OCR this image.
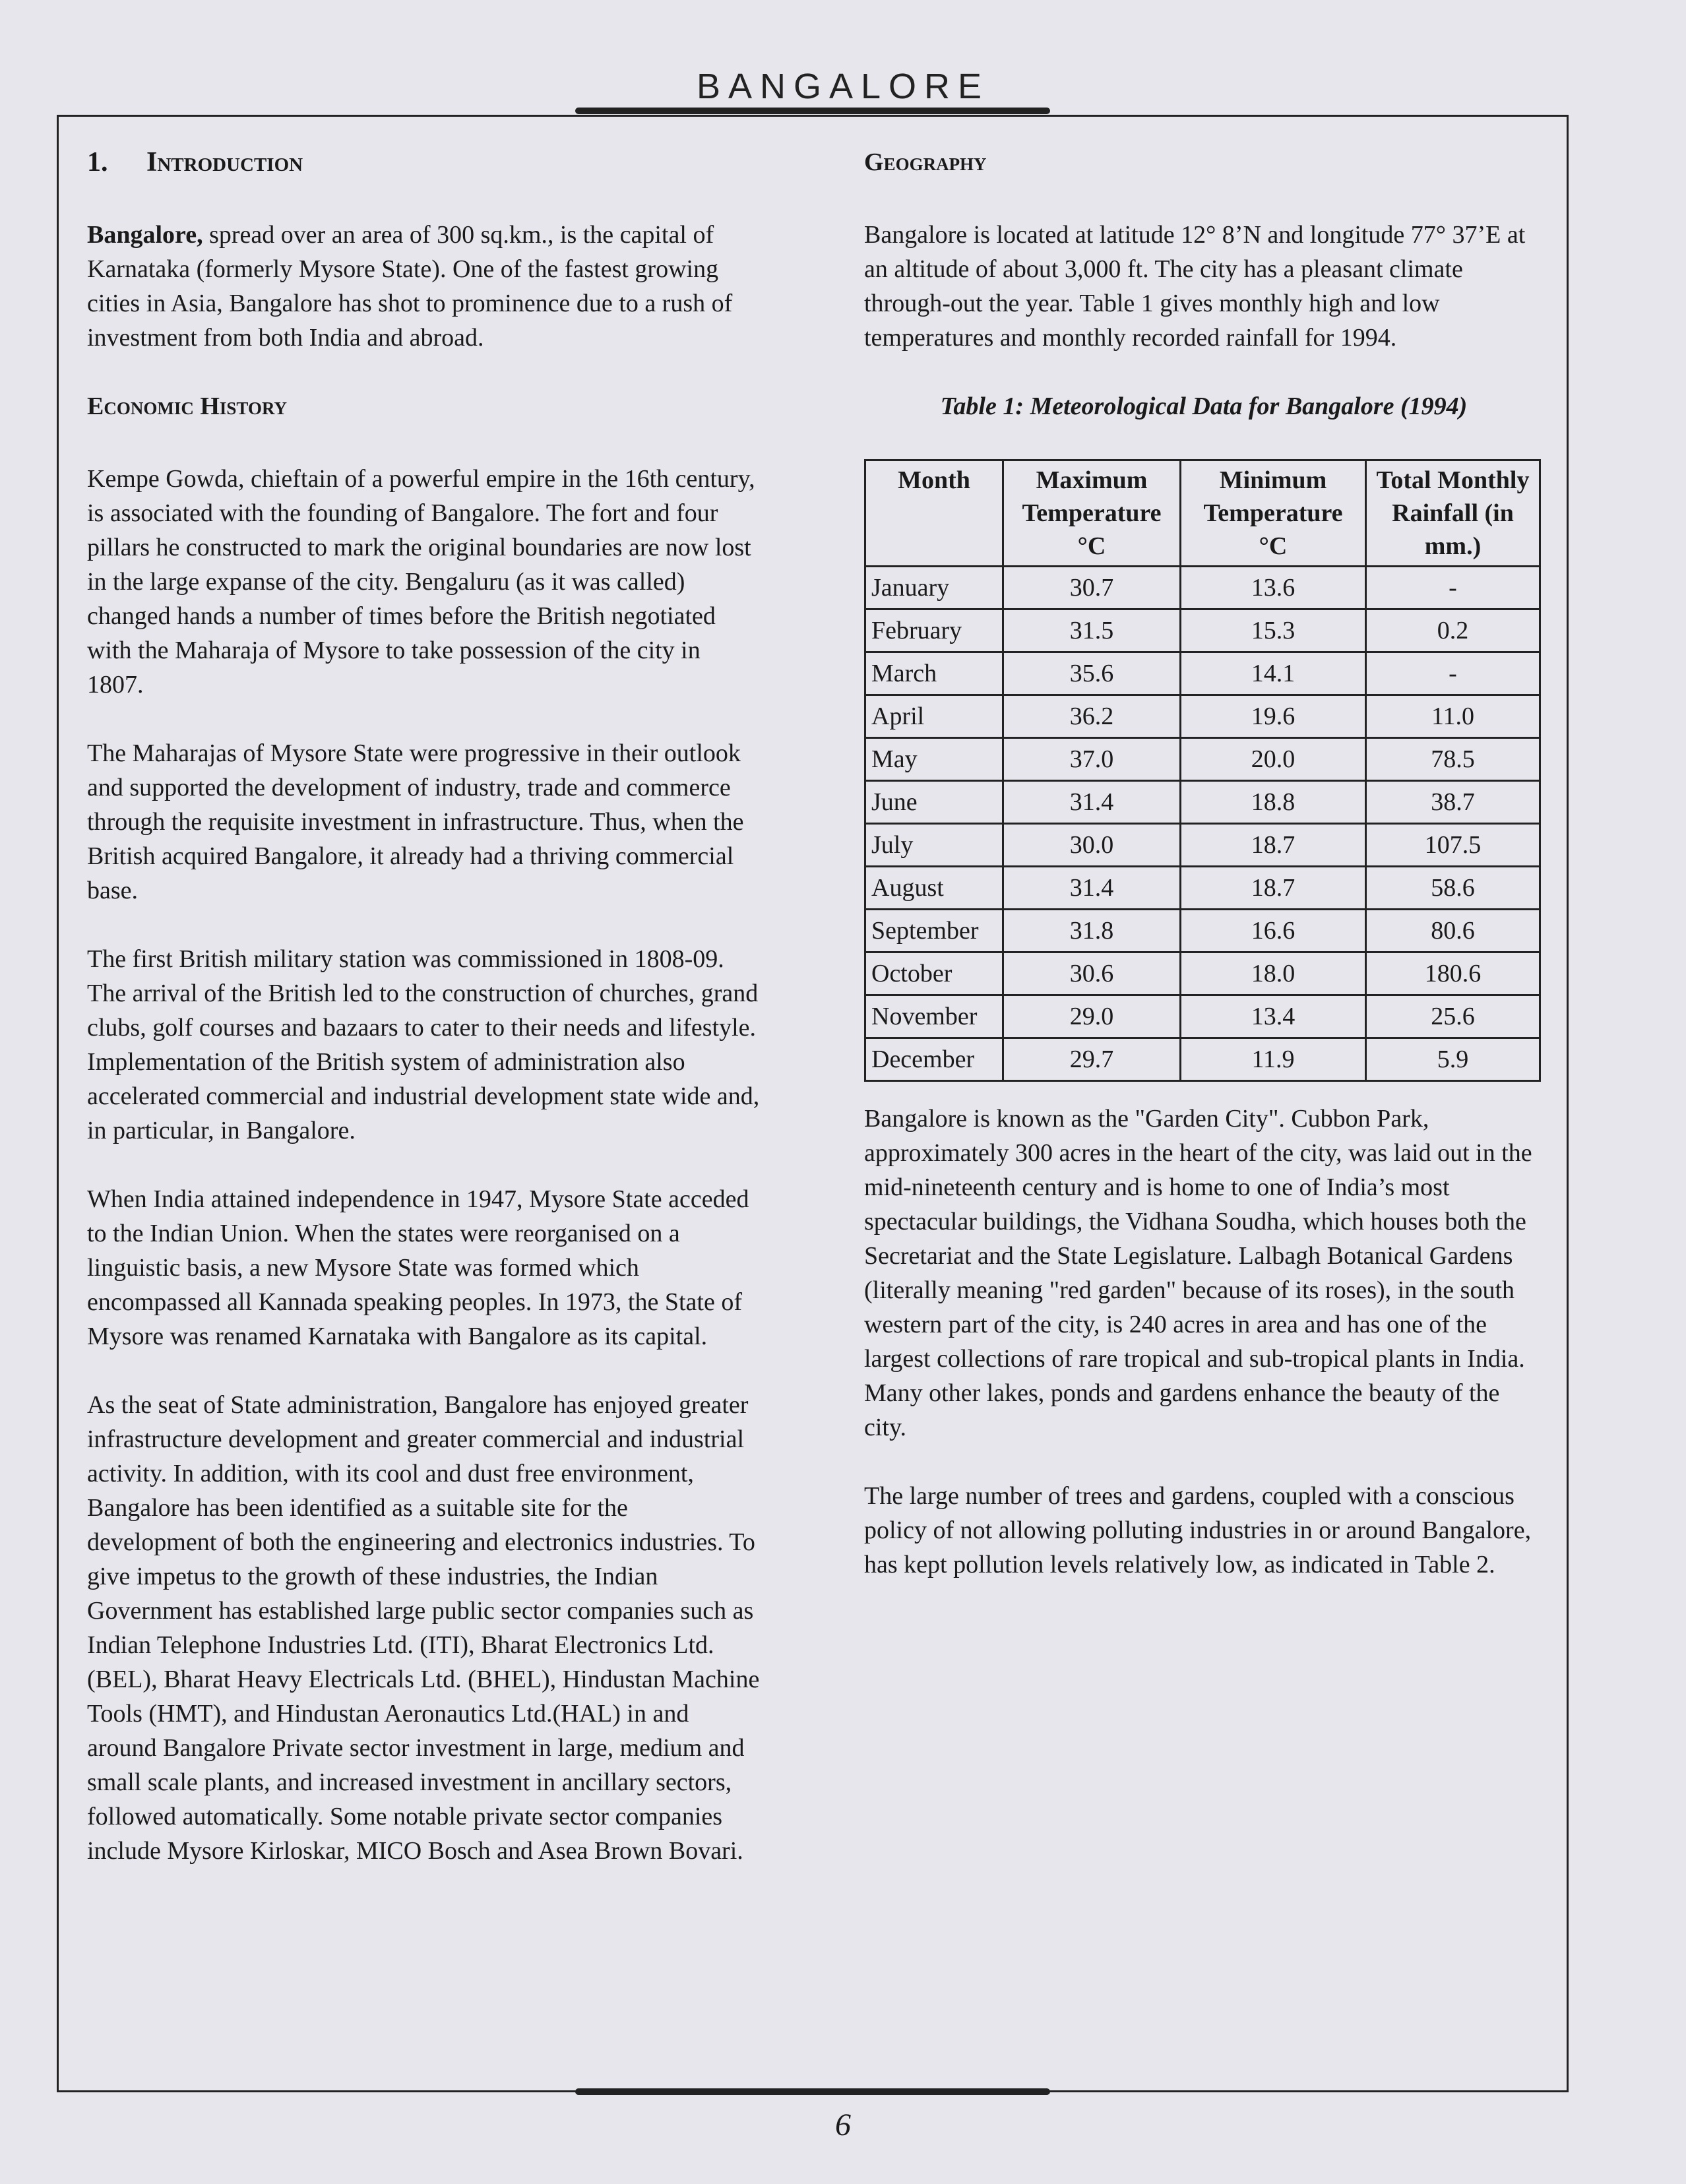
BANGALORE
1. Introduction

Bangalore, spread over an area of 300 sq.km., is the capital of Karnataka (formerly Mysore State). One of the fastest growing cities in Asia, Bangalore has shot to prominence due to a rush of investment from both India and abroad.

Economic History

Kempe Gowda, chieftain of a powerful empire in the 16th century, is associated with the founding of Bangalore. The fort and four pillars he constructed to mark the original boundaries are now lost in the large expanse of the city. Bengaluru (as it was called) changed hands a number of times before the British negotiated with the Maharaja of Mysore to take possession of the city in 1807.

The Maharajas of Mysore State were progressive in their outlook and supported the development of industry, trade and commerce through the requisite investment in infrastructure. Thus, when the British acquired Bangalore, it already had a thriving commercial base.

The first British military station was commissioned in 1808-09. The arrival of the British led to the construction of churches, grand clubs, golf courses and bazaars to cater to their needs and lifestyle. Implementation of the British system of administration also accelerated commercial and industrial development state wide and, in particular, in Bangalore.

When India attained independence in 1947, Mysore State acceded to the Indian Union. When the states were reorganised on a linguistic basis, a new Mysore State was formed which encompassed all Kannada speaking peoples. In 1973, the State of Mysore was renamed Karnataka with Bangalore as its capital.

As the seat of State administration, Bangalore has enjoyed greater infrastructure development and greater commercial and industrial activity. In addition, with its cool and dust free environment, Bangalore has been identified as a suitable site for the development of both the engineering and electronics industries. To give impetus to the growth of these industries, the Indian Government has established large public sector companies such as Indian Telephone Industries Ltd. (ITI), Bharat Electronics Ltd. (BEL), Bharat Heavy Electricals Ltd. (BHEL), Hindustan Machine Tools (HMT), and Hindustan Aeronautics Ltd.(HAL) in and around Bangalore Private sector investment in large, medium and small scale plants, and increased investment in ancillary sectors, followed automatically. Some notable private sector companies include Mysore Kirloskar, MICO Bosch and Asea Brown Bovari.

Geography

Bangalore is located at latitude 12° 8’N and longitude 77° 37’E at an altitude of about 3,000 ft. The city has a pleasant climate through-out the year. Table 1 gives monthly high and low temperatures and monthly recorded rainfall for 1994.

Table 1: Meteorological Data for Bangalore (1994)
Month	Maximum Temperature °C	Minimum Temperature °C	Total Monthly Rainfall (in mm.)
January	30.7	13.6	-
February	31.5	15.3	0.2
March	35.6	14.1	-
April	36.2	19.6	11.0
May	37.0	20.0	78.5
June	31.4	18.8	38.7
July	30.0	18.7	107.5
August	31.4	18.7	58.6
September	31.8	16.6	80.6
October	30.6	18.0	180.6
November	29.0	13.4	25.6
December	29.7	11.9	5.9

Bangalore is known as the "Garden City". Cubbon Park, approximately 300 acres in the heart of the city, was laid out in the mid-nineteenth century and is home to one of India’s most spectacular buildings, the Vidhana Soudha, which houses both the Secretariat and the State Legislature. Lalbagh Botanical Gardens (literally meaning "red garden" because of its roses), in the south western part of the city, is 240 acres in area and has one of the largest collections of rare tropical and sub-tropical plants in India. Many other lakes, ponds and gardens enhance the beauty of the city.

The large number of trees and gardens, coupled with a conscious policy of not allowing polluting industries in or around Bangalore, has kept pollution levels relatively low, as indicated in Table 2.

6
